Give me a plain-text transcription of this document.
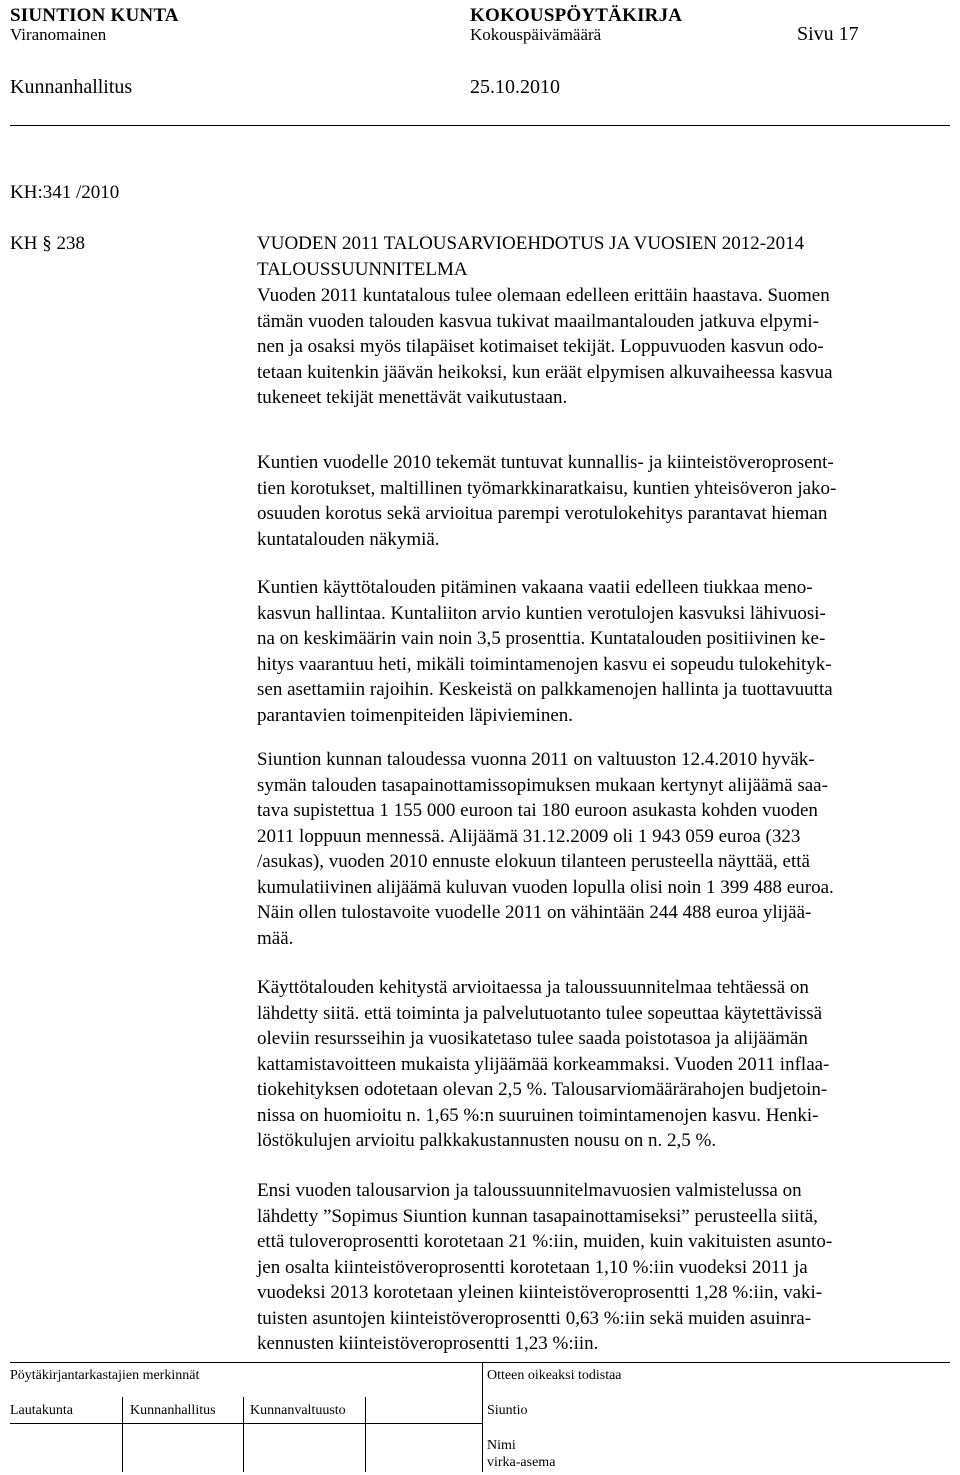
SIUNTION KUNTA	KOKOUSPÖYTÄKIRJA
Viranomainen	Kokouspäivämäärä	Sivu 17
Kunnanhallitus	25.10.2010
KH:341 /2010
KH § 238	VUODEN 2011 TALOUSARVIOEHDOTUS JA VUOSIEN 2012-2014
TALOUSSUUNNITELMA
Vuoden 2011 kuntatalous tulee olemaan edelleen erittäin haastava. Suomen
tämän vuoden talouden kasvua tukivat maailmantalouden jatkuva elpymi-
nen ja osaksi myös tilapäiset kotimaiset tekijät. Loppuvuoden kasvun odo-
tetaan kuitenkin jäävän heikoksi, kun eräät elpymisen alkuvaiheessa kasvua
tukeneet tekijät menettävät vaikutustaan.
Kuntien vuodelle 2010 tekemät tuntuvat kunnallis- ja kiinteistöveroprosent-
tien korotukset, maltillinen työmarkkinaratkaisu, kuntien yhteisöveron jako-
osuuden korotus sekä arvioitua parempi verotulokehitys parantavat hieman
kuntatalouden näkymiä.
Kuntien käyttötalouden pitäminen vakaana vaatii edelleen tiukkaa meno-
kasvun hallintaa. Kuntaliiton arvio kuntien verotulojen kasvuksi lähivuosi-
na on keskimäärin vain noin 3,5 prosenttia. Kuntatalouden positiivinen ke-
hitys vaarantuu heti, mikäli toimintamenojen kasvu ei sopeudu tulokehityk-
sen asettamiin rajoihin. Keskeistä on palkkamenojen hallinta ja tuottavuutta
parantavien toimenpiteiden läpivieminen.
Siuntion kunnan taloudessa vuonna 2011 on valtuuston 12.4.2010 hyväk-
symän talouden tasapainottamissopimuksen mukaan kertynyt alijäämä saa-
tava supistettua 1 155 000 euroon tai 180 euroon asukasta kohden vuoden
2011 loppuun mennessä. Alijäämä 31.12.2009 oli 1 943 059 euroa (323
/asukas), vuoden 2010 ennuste elokuun tilanteen perusteella näyttää, että
kumulatiivinen alijäämä kuluvan vuoden lopulla olisi noin 1 399 488 euroa.
Näin ollen tulostavoite vuodelle 2011 on vähintään 244 488 euroa ylijää-
mää.
Käyttötalouden kehitystä arvioitaessa ja taloussuunnitelmaa tehtäessä on
lähdetty siitä. että toiminta ja palvelutuotanto tulee sopeuttaa käytettävissä
oleviin resursseihin ja vuosikatetaso tulee saada poistotasoa ja alijäämän
kattamistavoitteen mukaista ylijäämää korkeammaksi. Vuoden 2011 inflaa-
tiokehityksen odotetaan olevan 2,5 %. Talousarviomäärärahojen budjetoin-
nissa on huomioitu n. 1,65 %:n suuruinen toimintamenojen kasvu. Henki-
löstökulujen arvioitu palkkakustannusten nousu on n. 2,5 %.
Ensi vuoden talousarvion ja taloussuunnitelmavuosien valmistelussa on
lähdetty ”Sopimus Siuntion kunnan tasapainottamiseksi” perusteella siitä,
että tuloveroprosentti korotetaan 21 %:iin, muiden, kuin vakituisten asunto-
jen osalta kiinteistöveroprosentti korotetaan 1,10 %:iin vuodeksi 2011 ja
vuodeksi 2013 korotetaan yleinen kiinteistöveroprosentti 1,28 %:iin, vaki-
tuisten asuntojen kiinteistöveroprosentti 0,63 %:iin sekä muiden asuinra-
kennusten kiinteistöveroprosentti 1,23 %:iin.
Pöytäkirjantarkastajien merkinnät	Otteen oikeaksi todistaa
Lautakunta	Kunnanhallitus Kunnanvaltuusto	Siuntio
Nimi
virka-asema
